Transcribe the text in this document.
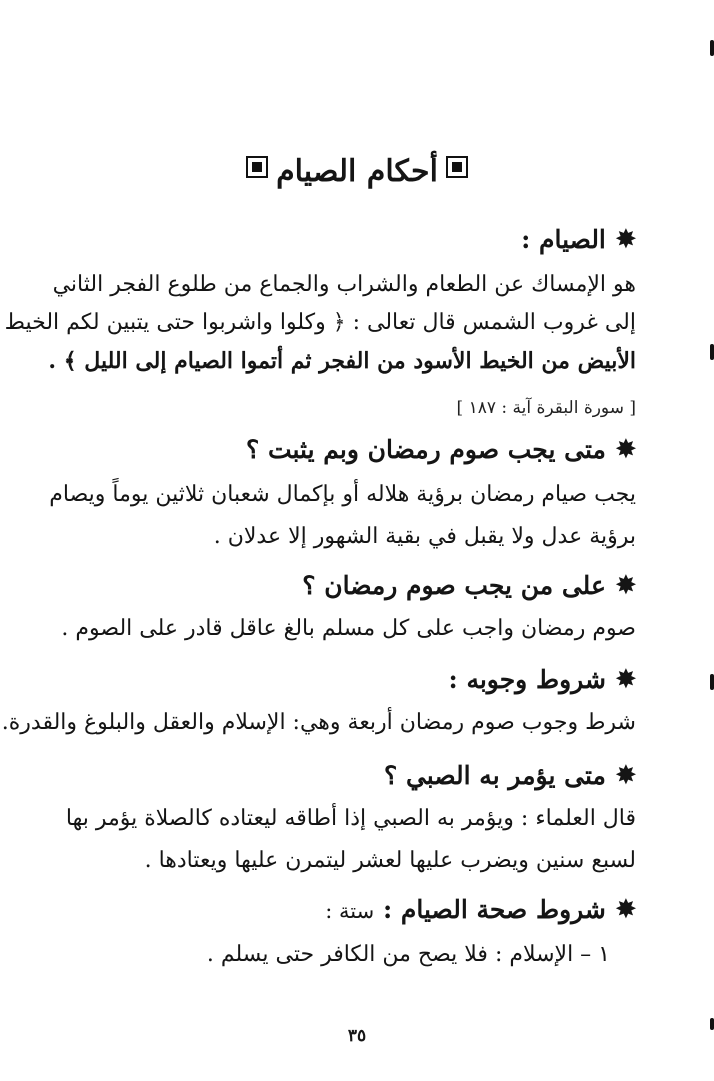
أحكام الصيام
✸الصيام :
هو الإمساك عن الطعام والشراب والجماع من طلوع الفجر الثاني
إلى غروب الشمس قال تعالى : ﴿ وكلوا واشربوا حتى يتبين لكم الخيط
الأبيض من الخيط الأسود من الفجر ثم أتموا الصيام إلى الليل ﴾ .
[ سورة البقرة آية : ١٨٧ ]
✸متى يجب صوم رمضان وبم يثبت ؟
يجب صيام رمضان برؤية هلاله أو بإكمال شعبان ثلاثين يوماً ويصام
برؤية عدل ولا يقبل في بقية الشهور إلا عدلان .
✸على من يجب صوم رمضان ؟
صوم رمضان واجب على كل مسلم بالغ عاقل قادر على الصوم .
✸شروط وجوبه :
شرط وجوب صوم رمضان أربعة وهي: الإسلام والعقل والبلوغ والقدرة.
✸متى يؤمر به الصبي ؟
قال العلماء : ويؤمر به الصبي إذا أطاقه ليعتاده كالصلاة يؤمر بها
لسبع سنين ويضرب عليها لعشر ليتمرن عليها ويعتادها .
✸شروط صحة الصيام : ستة :
١ – الإسلام : فلا يصح من الكافر حتى يسلم .
٣٥
